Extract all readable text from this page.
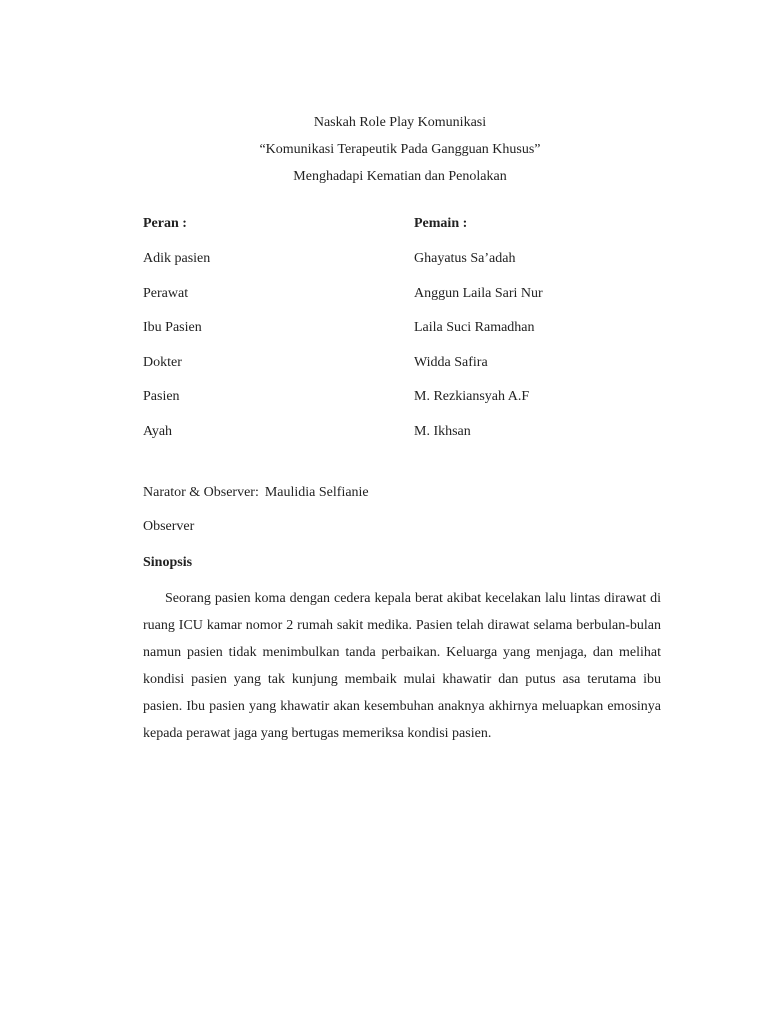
Naskah Role Play Komunikasi
“Komunikasi Terapeutik Pada Gangguan Khusus”
Menghadapi Kematian dan Penolakan
Peran :	Pemain :
Adik pasien	Ghayatus Sa’adah
Perawat	Anggun Laila Sari Nur
Ibu Pasien	Laila Suci Ramadhan
Dokter	Widda Safira
Pasien	M. Rezkiansyah A.F
Ayah	M. Ikhsan
Narator & Observer: Maulidia Selfianie
Observer
Sinopsis

Seorang pasien koma dengan cedera kepala berat akibat kecelakan lalu lintas dirawat di ruang ICU kamar nomor 2 rumah sakit medika. Pasien telah dirawat selama berbulan-bulan namun pasien tidak menimbulkan tanda perbaikan. Keluarga yang menjaga, dan melihat kondisi pasien yang tak kunjung membaik mulai khawatir dan putus asa terutama ibu pasien. Ibu pasien yang khawatir akan kesembuhan anaknya akhirnya meluapkan emosinya kepada perawat jaga yang bertugas memeriksa kondisi pasien.
